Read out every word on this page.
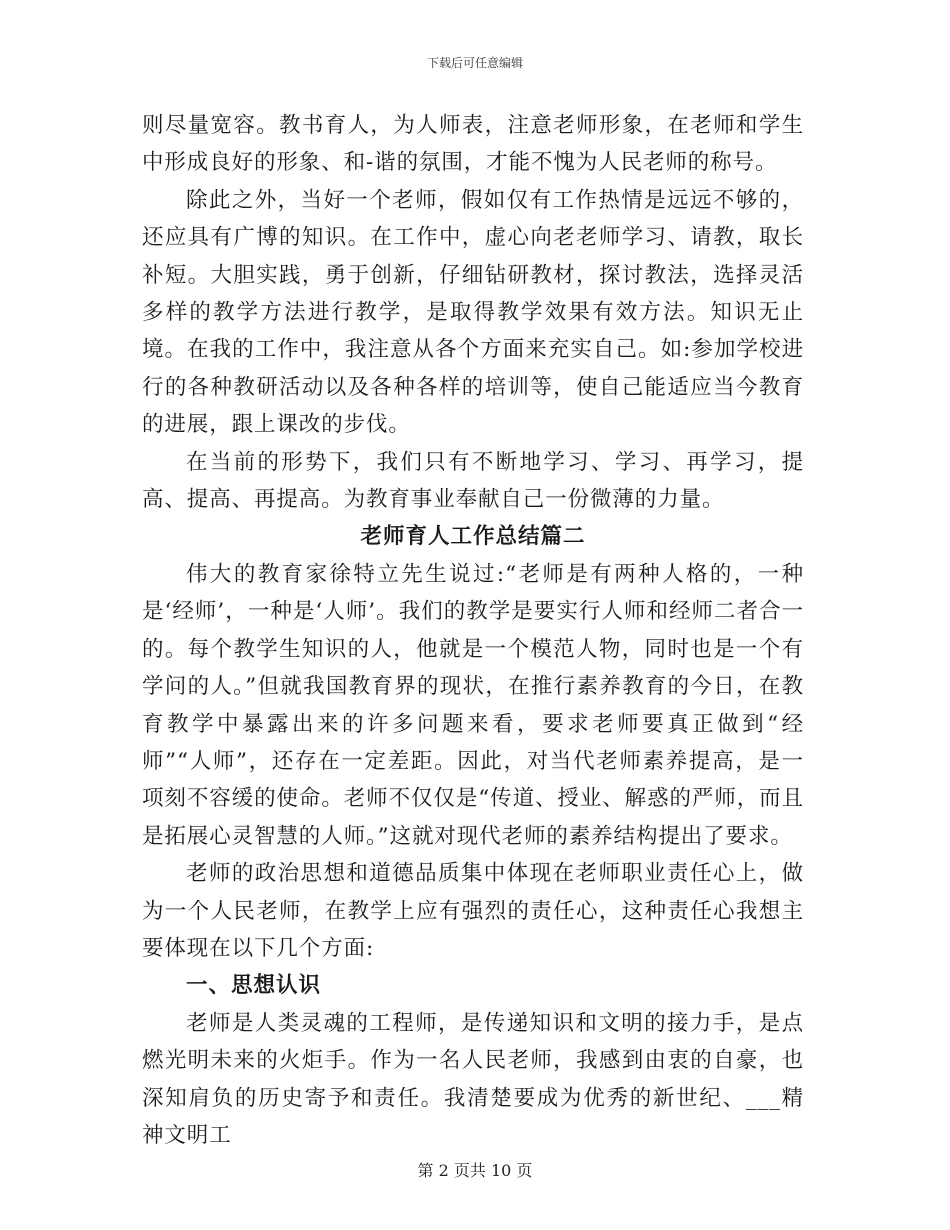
下载后可任意编辑

则尽量宽容。教书育人，为人师表，注意老师形象，在老师和学生中形成良好的形象、和-谐的氛围，才能不愧为人民老师的称号。

除此之外，当好一个老师，假如仅有工作热情是远远不够的，还应具有广博的知识。在工作中，虚心向老老师学习、请教，取长补短。大胆实践，勇于创新，仔细钻研教材，探讨教法，选择灵活多样的教学方法进行教学，是取得教学效果有效方法。知识无止境。在我的工作中，我注意从各个方面来充实自己。如:参加学校进行的各种教研活动以及各种各样的培训等，使自己能适应当今教育的进展，跟上课改的步伐。

在当前的形势下，我们只有不断地学习、学习、再学习，提高、提高、再提高。为教育事业奉献自己一份微薄的力量。

老师育人工作总结篇二

伟大的教育家徐特立先生说过:“老师是有两种人格的，一种是‘经师’，一种是‘人师’。我们的教学是要实行人师和经师二者合一的。每个教学生知识的人，他就是一个模范人物，同时也是一个有学问的人。”但就我国教育界的现状，在推行素养教育的今日，在教育教学中暴露出来的许多问题来看，要求老师要真正做到“经师”“人师”，还存在一定差距。因此，对当代老师素养提高，是一项刻不容缓的使命。老师不仅仅是“传道、授业、解惑的严师，而且是拓展心灵智慧的人师。”这就对现代老师的素养结构提出了要求。

老师的政治思想和道德品质集中体现在老师职业责任心上，做为一个人民老师，在教学上应有强烈的责任心，这种责任心我想主要体现在以下几个方面:

一、思想认识

老师是人类灵魂的工程师，是传递知识和文明的接力手，是点燃光明未来的火炬手。作为一名人民老师，我感到由衷的自豪，也深知肩负的历史寄予和责任。我清楚要成为优秀的新世纪、___精神文明工

第 2 页共 10 页
